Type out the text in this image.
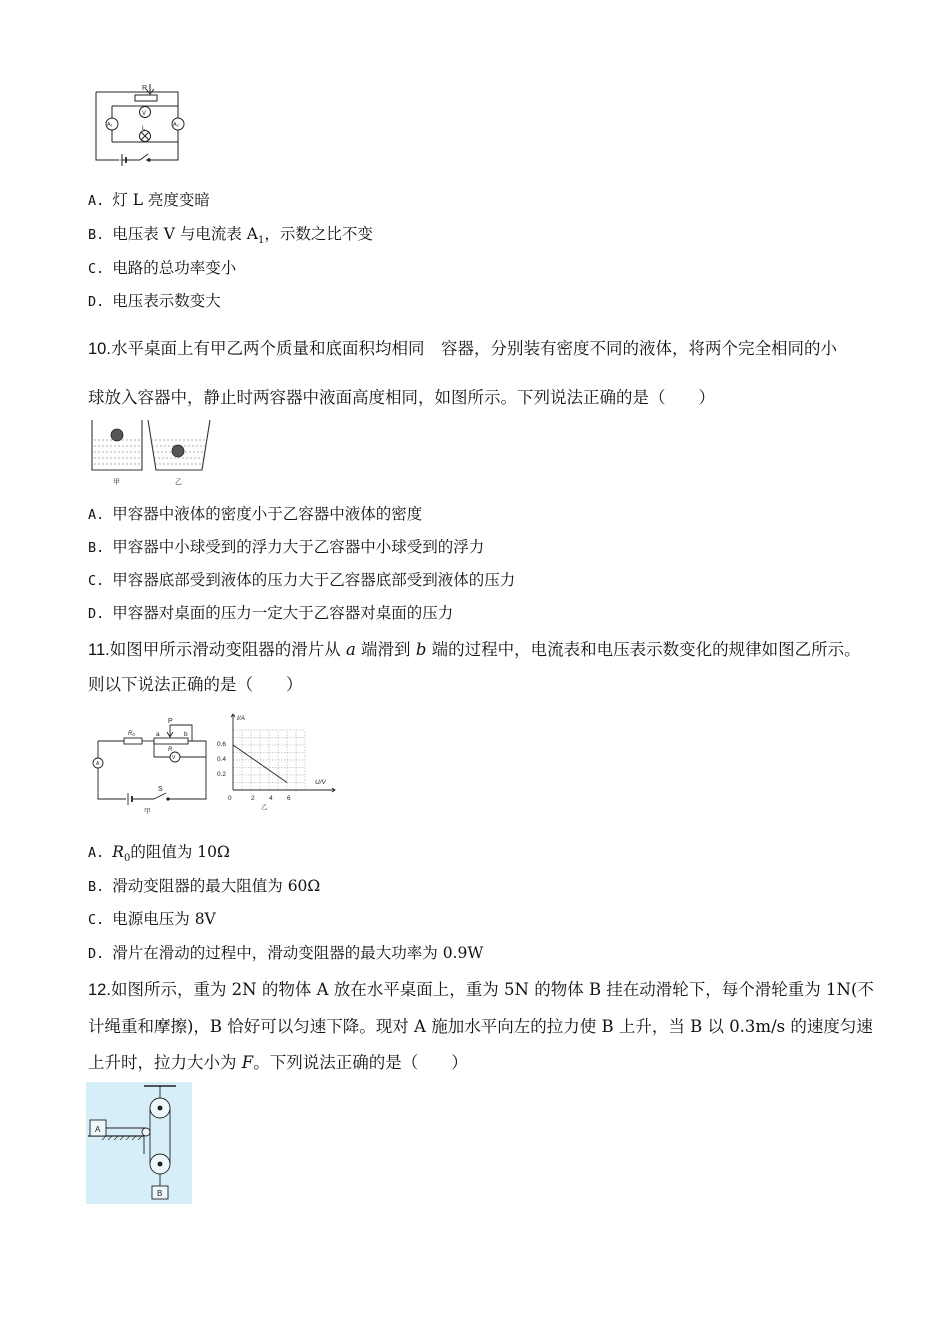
R
V
L
A₁	A₂
A. 灯 L 亮度变暗
B. 电压表 V 与电流表 $A_1$，示数之比不变
C. 电路的总功率变小
D. 电压表示数变大
10.水平桌面上有甲乙两个质量和底面积均相同　容器，分别装有密度不同的液体，将两个完全相同的小
球放入容器中，静止时两容器中液面高度相同，如图所示。下列说法正确的是（　　）
甲	乙
A. 甲容器中液体的密度小于乙容器中液体的密度
B. 甲容器中小球受到的浮力大于乙容器中小球受到的浮力
C. 甲容器底部受到液体的压力大于乙容器底部受到液体的压力
D. 甲容器对桌面的压力一定大于乙容器对桌面的压力
11.如图甲所示滑动变阻器的滑片从 a 端滑到 b 端的过程中，电流表和电压表示数变化的规律如图乙所示。
则以下说法正确的是（　　）
R₀
P
a	b
R
V
A
S
甲
I/A
U/V
0
0.6
0.4
0.2
2 4 6
乙
A. $R_0$的阻值为 10Ω
B. 滑动变阻器的最大阻值为 60Ω
C. 电源电压为 8V
D. 滑片在滑动的过程中，滑动变阻器的最大功率为 0.9W
12.如图所示，重为 2N 的物体 A 放在水平桌面上，重为 5N 的物体 B 挂在动滑轮下，每个滑轮重为 1N(不
计绳重和摩擦)，B 恰好可以匀速下降。现对 A 施加水平向左的拉力使 B 上升，当 B 以 0.3m/s 的速度匀速
上升时，拉力大小为 F。下列说法正确的是（　　）
A
B
